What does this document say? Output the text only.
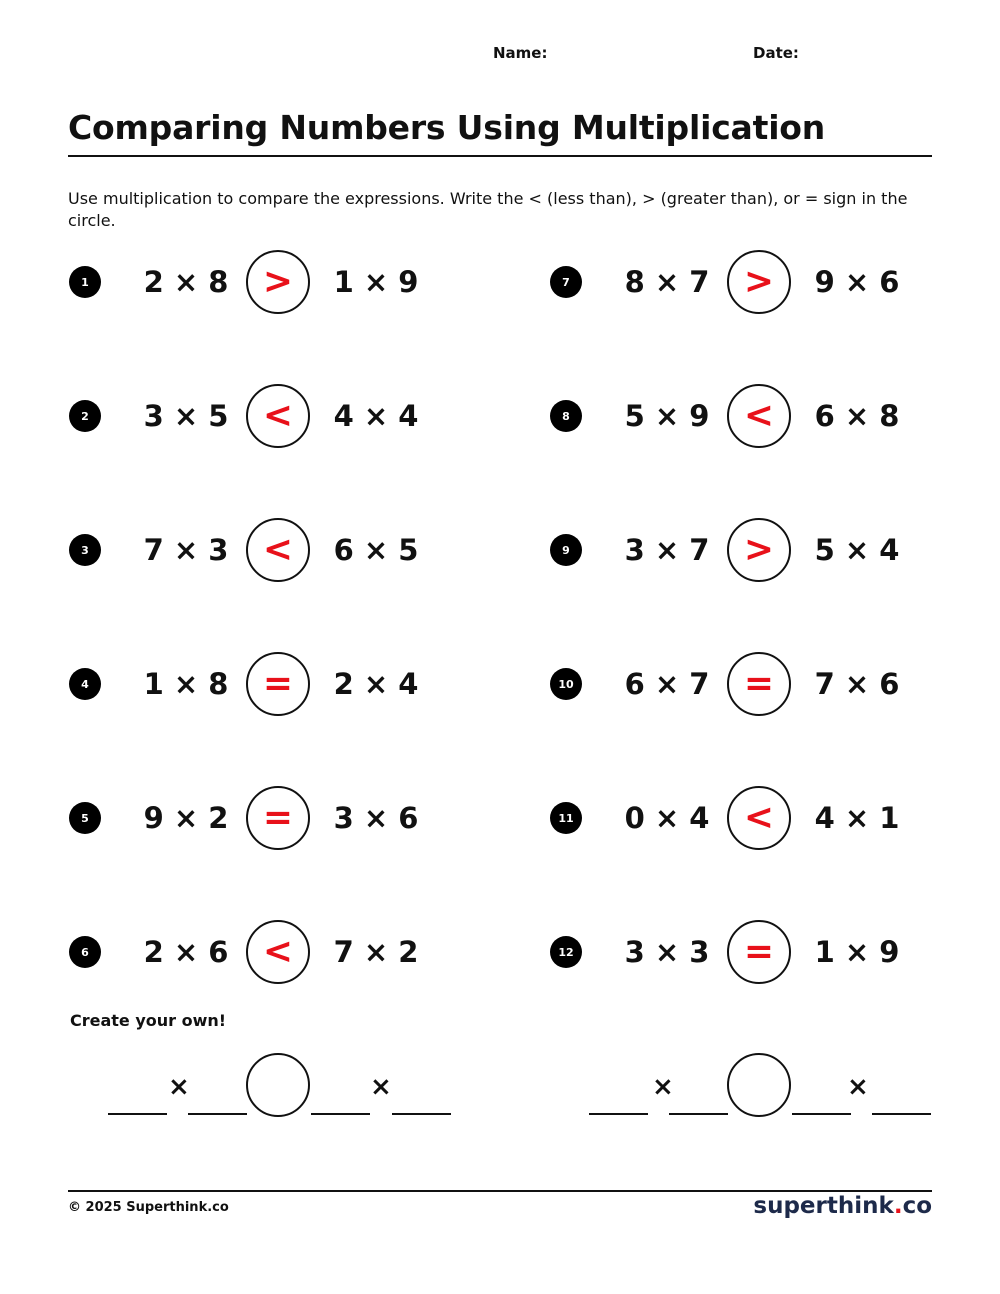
Name:	Date:
Comparing Numbers Using Multiplication
Use multiplication to compare the expressions. Write the < (less than), > (greater than), or = sign in the circle.
1	2 × 8 > 1 × 9
2	3 × 5 < 4 × 4
3	7 × 3 < 6 × 5
4	1 × 8 = 2 × 4
5	9 × 2 = 3 × 6
6	2 × 6 < 7 × 2
7	8 × 7 > 9 × 6
8	5 × 9 < 6 × 8
9	3 × 7 > 5 × 4
10 6 × 7 = 7 × 6
11 0 × 4 < 4 × 1
12 3 × 3 = 1 × 9
Create your own!
×	×	×	×
© 2025 Superthink.co	superthink.co
